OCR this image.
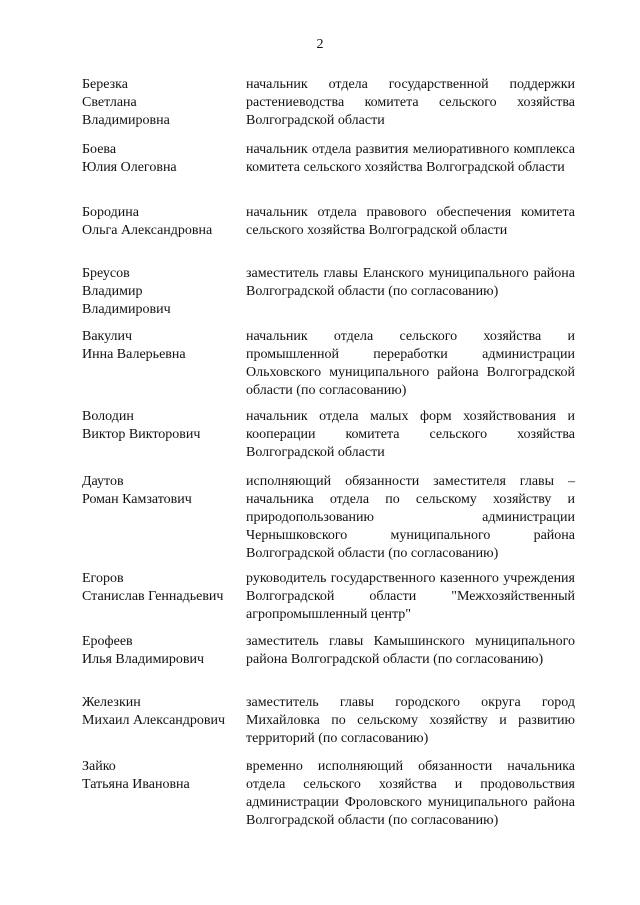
2
Березка
Светлана
Владимировна
начальник отдела государственной поддержки растениеводства комитета сельского хозяйства Волгоградской области
Боева
Юлия Олеговна
начальник отдела развития мелиоративного комплекса комитета сельского хозяйства Волгоградской области
Бородина
Ольга Александровна
начальник отдела правового обеспечения комитета сельского хозяйства Волгоградской области
Бреусов
Владимир
Владимирович
заместитель главы Еланского муниципального района Волгоградской области (по согласованию)
Вакулич
Инна Валерьевна
начальник отдела сельского хозяйства и промышленной переработки администрации Ольховского муниципального района Волгоградской области (по согласованию)
Володин
Виктор Викторович
начальник отдела малых форм хозяйствования и кооперации комитета сельского хозяйства Волгоградской области
Даутов
Роман Камзатович
исполняющий обязанности заместителя главы – начальника отдела по сельскому хозяйству и природопользованию администрации Чернышковского муниципального района Волгоградской области (по согласованию)
Егоров
Станислав Геннадьевич
руководитель государственного казенного учреждения Волгоградской области "Межхозяйственный агропромышленный центр"
Ерофеев
Илья Владимирович
заместитель главы Камышинского муниципального района Волгоградской области (по согласованию)
Железкин
Михаил Александрович
заместитель главы городского округа город Михайловка по сельскому хозяйству и развитию территорий (по согласованию)
Зайко
Татьяна Ивановна
временно исполняющий обязанности начальника отдела сельского хозяйства и продовольствия администрации Фроловского муниципального района Волгоградской области (по согласованию)
